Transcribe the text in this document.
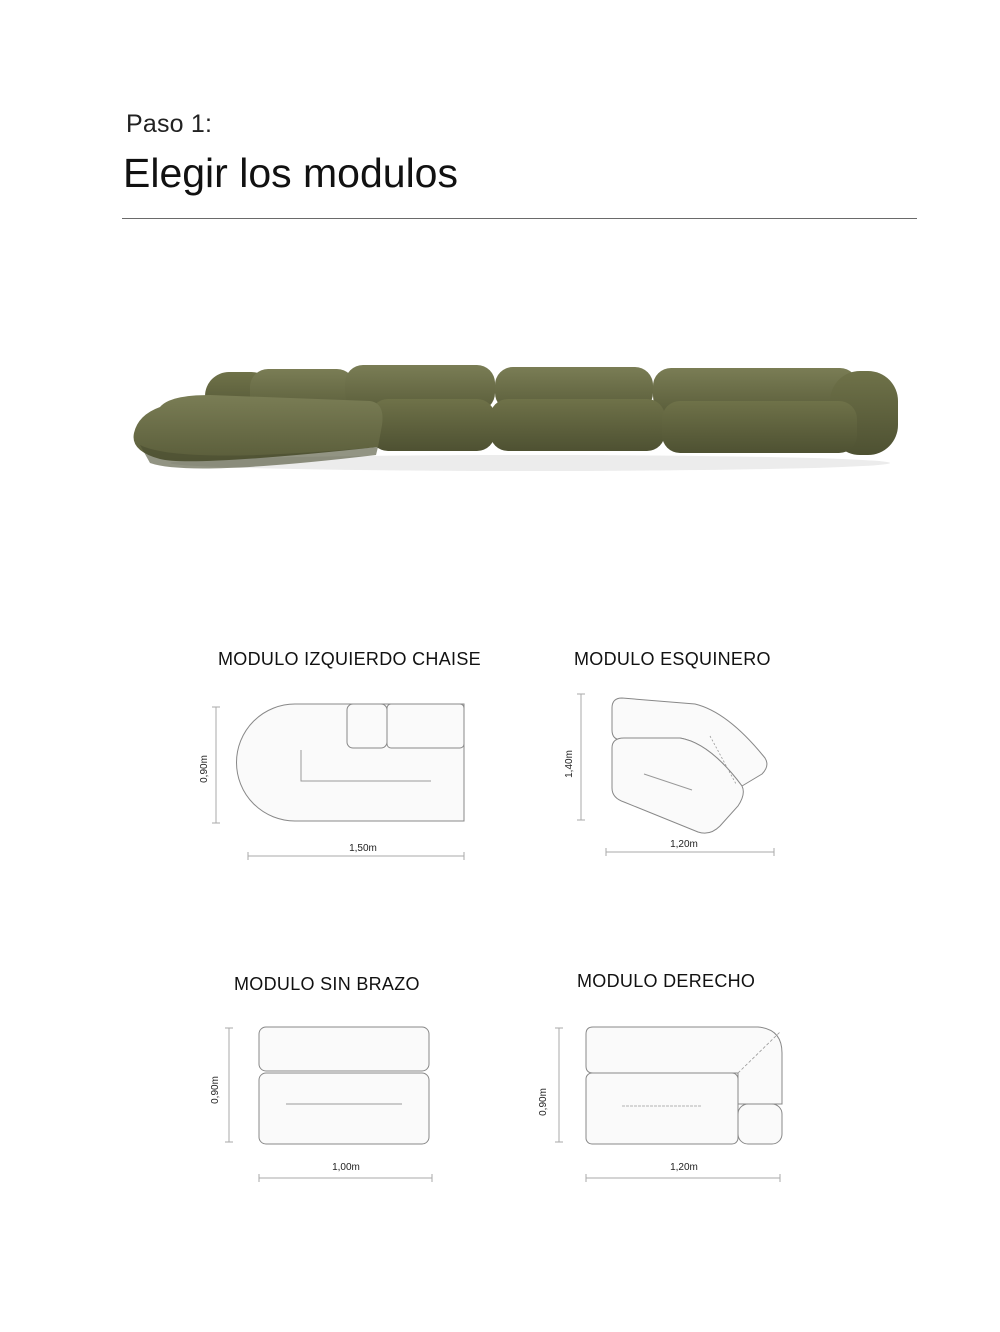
Paso 1:
Elegir los modulos
MODULO IZQUIERDO CHAISE
0,90m
1,50m
MODULO ESQUINERO
1,40m
1,20m
MODULO SIN BRAZO
0,90m
1,00m
MODULO DERECHO
0,90m
1,20m
